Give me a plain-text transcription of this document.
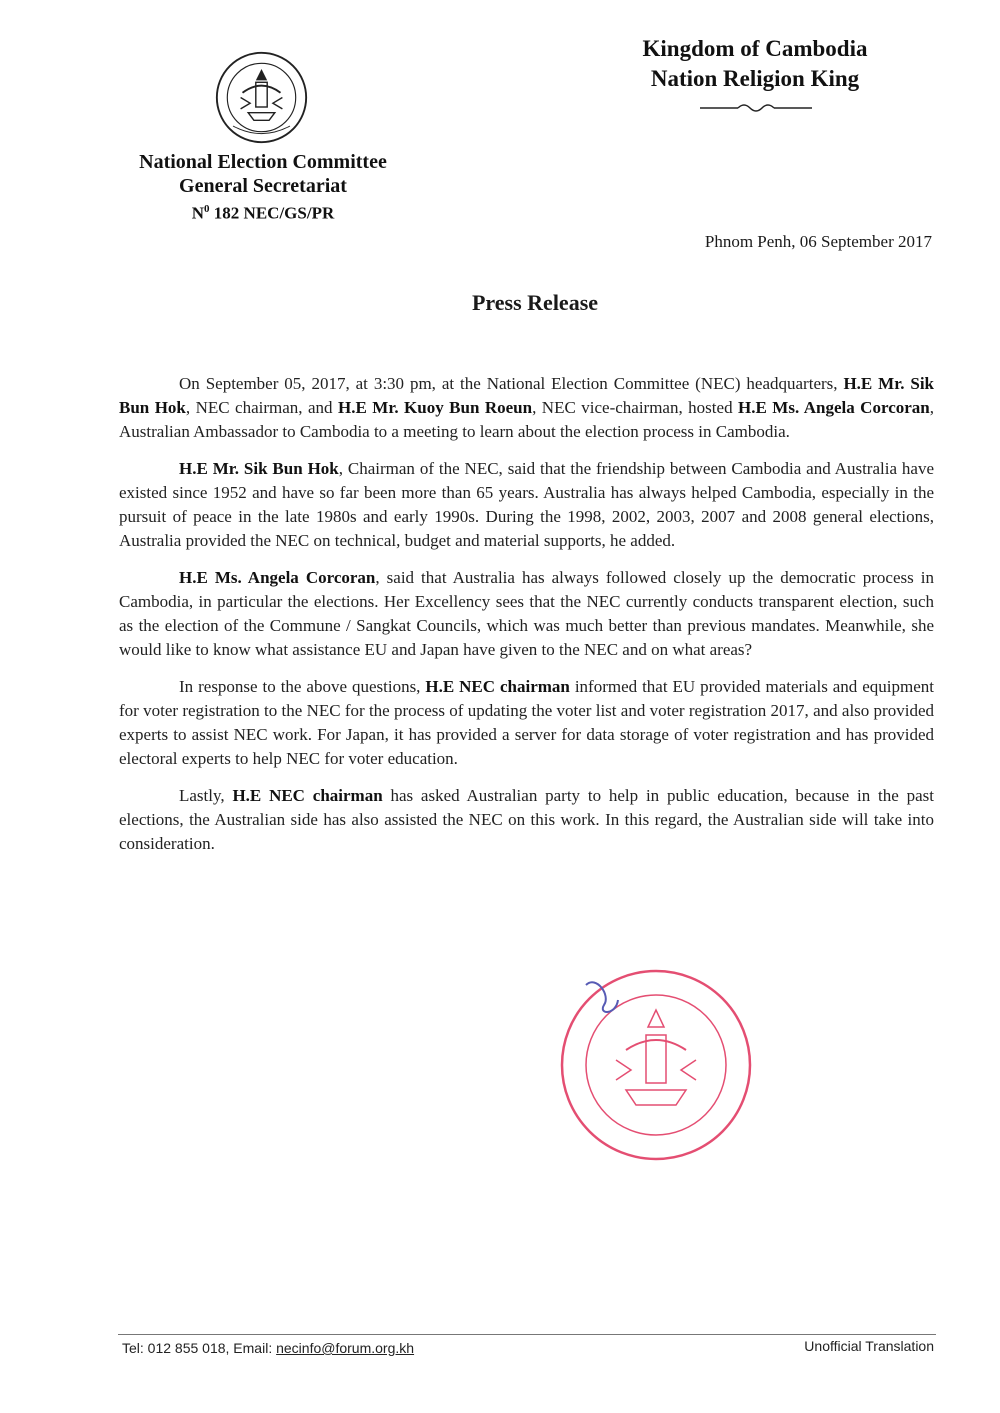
National Election Committee
General Secretariat
$N^0$ 182 NEC/GS/PR
Kingdom of Cambodia
Nation Religion King
Phnom Penh, 06 September 2017
Press Release

On September 05, 2017, at 3:30 pm, at the National Election Committee (NEC) headquarters, H.E Mr. Sik Bun Hok, NEC chairman, and H.E Mr. Kuoy Bun Roeun, NEC vice-chairman, hosted H.E Ms. Angela Corcoran, Australian Ambassador to Cambodia to a meeting to learn about the election process in Cambodia.

H.E Mr. Sik Bun Hok, Chairman of the NEC, said that the friendship between Cambodia and Australia have existed since 1952 and have so far been more than 65 years. Australia has always helped Cambodia, especially in the pursuit of peace in the late 1980s and early 1990s. During the 1998, 2002, 2003, 2007 and 2008 general elections, Australia provided the NEC on technical, budget and material supports, he added.

H.E Ms. Angela Corcoran, said that Australia has always followed closely up the democratic process in Cambodia, in particular the elections. Her Excellency sees that the NEC currently conducts transparent election, such as the election of the Commune / Sangkat Councils, which was much better than previous mandates. Meanwhile, she would like to know what assistance EU and Japan have given to the NEC and on what areas?

In response to the above questions, H.E NEC chairman informed that EU provided materials and equipment for voter registration to the NEC for the process of updating the voter list and voter registration 2017, and also provided experts to assist NEC work. For Japan, it has provided a server for data storage of voter registration and has provided electoral experts to help NEC for voter education.

Lastly, H.E NEC chairman has asked Australian party to help in public education, because in the past elections, the Australian side has also assisted the NEC on this work. In this regard, the Australian side will take into consideration.

Tel: 012 855 018, Email: necinfo@forum.org.kh	Unofficial Translation
